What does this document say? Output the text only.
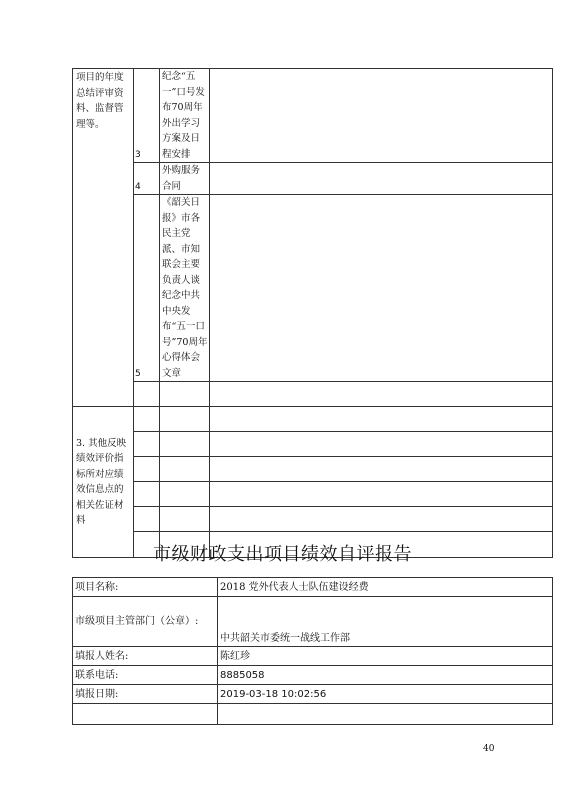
项目的年度总结评审资料、监督管理等。	3	纪念“五一”口号发布70周年外出学习方案及日程安排	
	4	外购服务合同	
	5	《韶关日报》市各民主党派、市知联会主要负责人谈纪念中共中央发布“五一口号”70周年心得体会文章	

3. 其他反映绩效评价指标所对应绩效信息点的相关佐证材料			

市级财政支出项目绩效自评报告
项目名称:	2018 党外代表人士队伍建设经费
市级项目主管部门（公章）:	中共韶关市委统一战线工作部
填报人姓名:	陈红珍
联系电话:	8885058
填报日期:	2019-03-18 10:02:56

40
